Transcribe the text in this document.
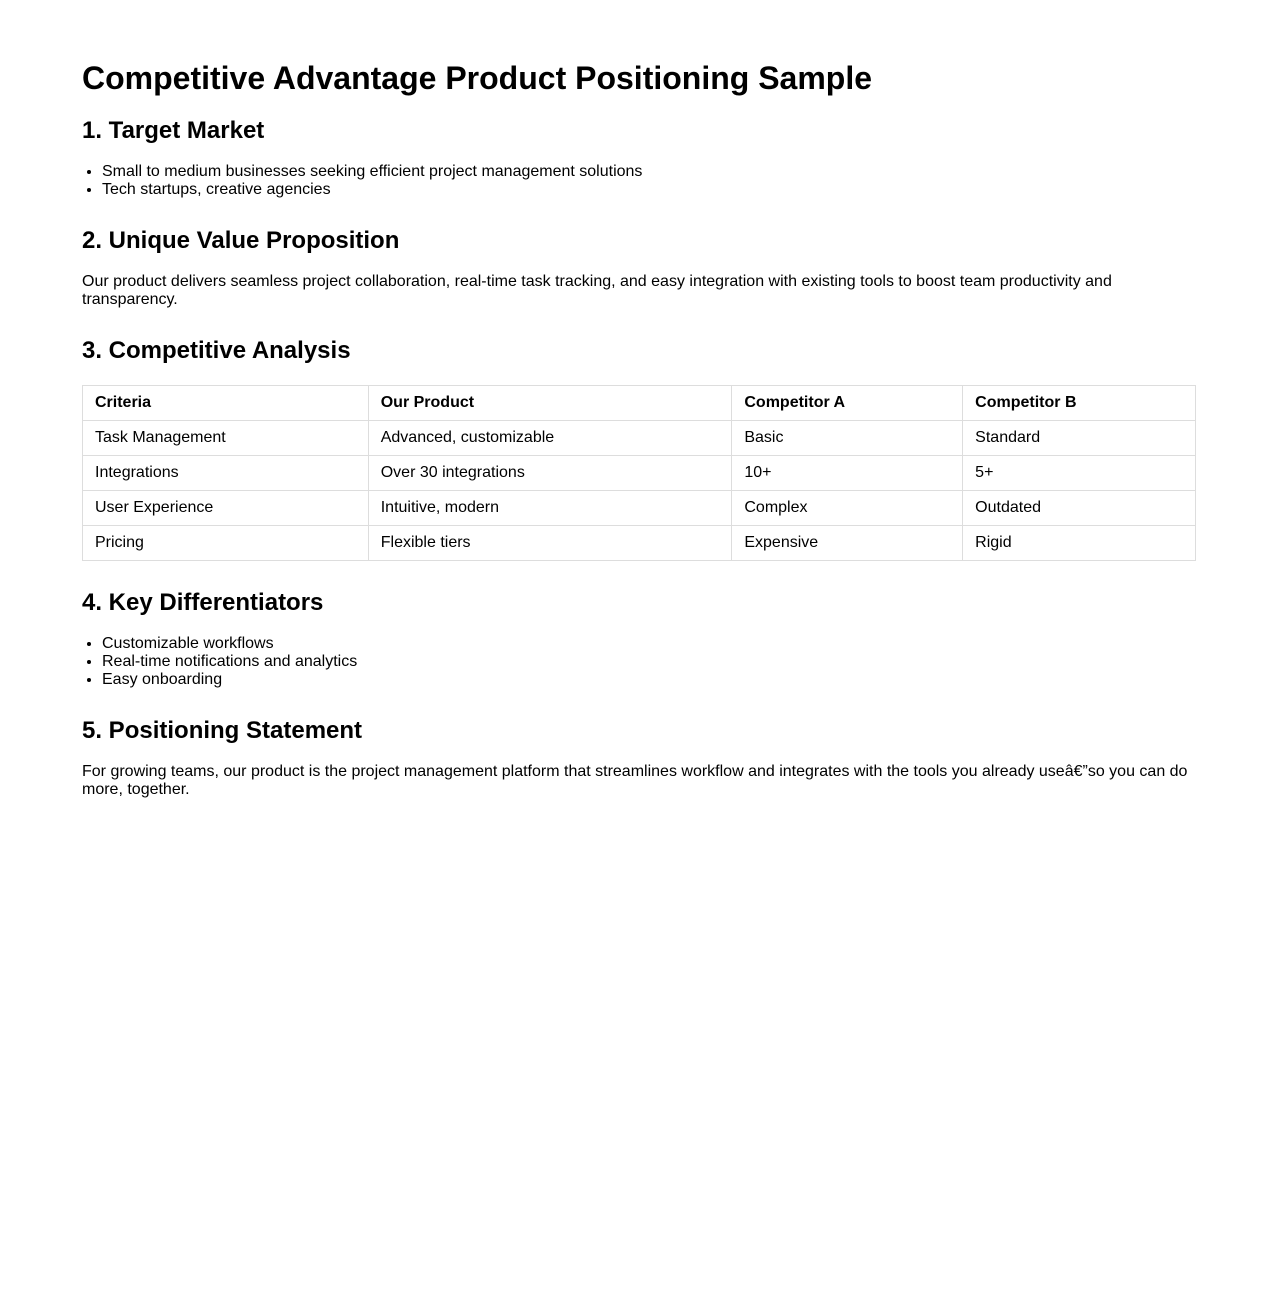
Competitive Advantage Product Positioning Sample
1. Target Market
• Small to medium businesses seeking efficient project management solutions
• Tech startups, creative agencies
2. Unique Value Proposition

Our product delivers seamless project collaboration, real-time task tracking, and easy integration with existing tools to boost team productivity and transparency.

3. Competitive Analysis
Criteria	Our Product	Competitor A	Competitor B
Task Management	Advanced, customizable	Basic	Standard
Integrations	Over 30 integrations	10+	5+
User Experience	Intuitive, modern	Complex	Outdated
Pricing	Flexible tiers	Expensive	Rigid
4. Key Differentiators
• Customizable workflows
• Real-time notifications and analytics
• Easy onboarding
5. Positioning Statement

For growing teams, our product is the project management platform that streamlines workflow and integrates with the tools you already useâ€”so you can do more, together.
